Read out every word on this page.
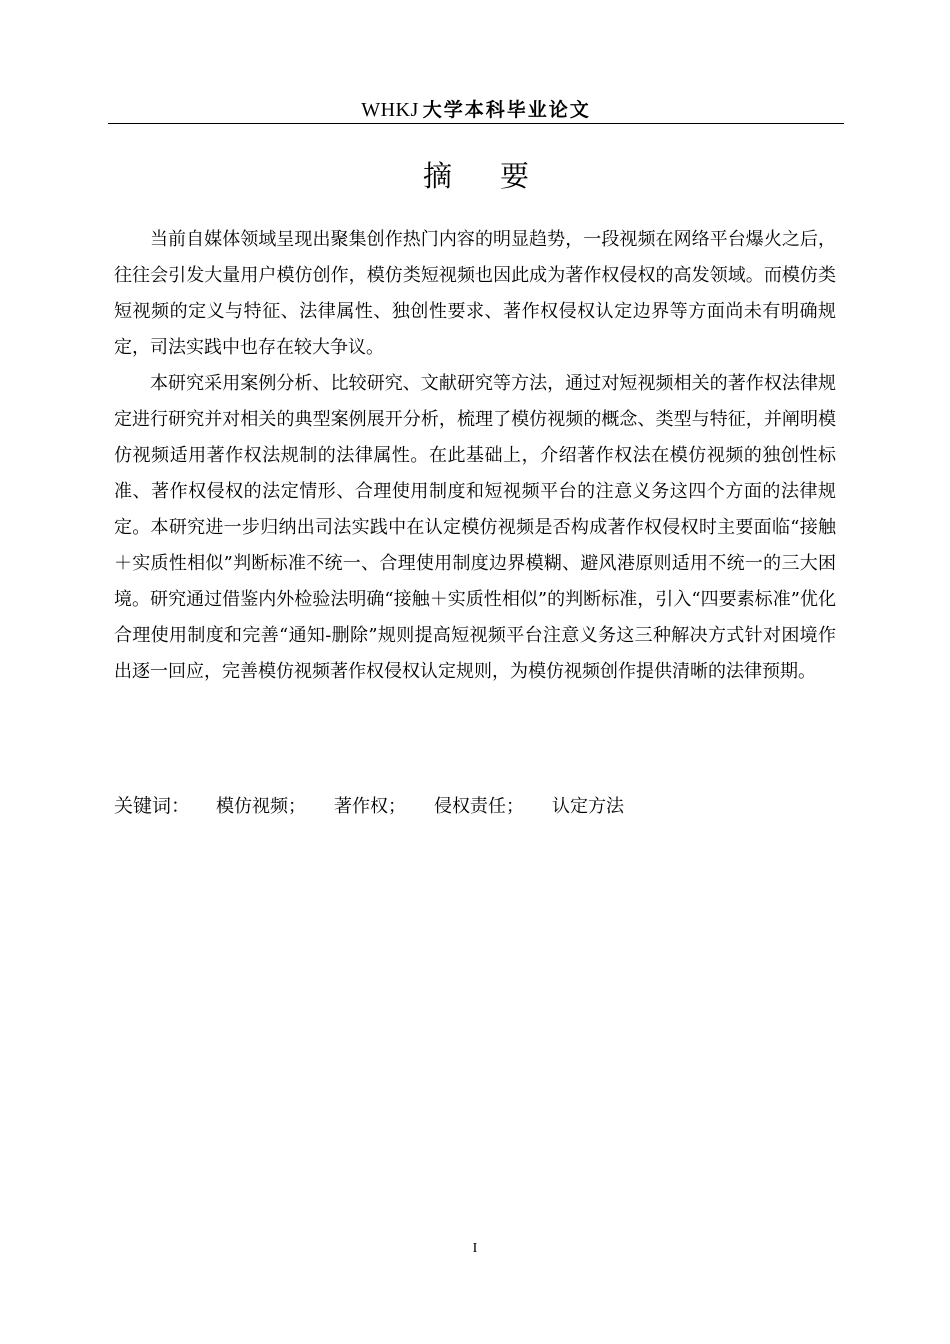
WHKJ 大学本科毕业论文
摘要

当前自媒体领域呈现出聚集创作热门内容的明显趋势，一段视频在网络平台爆火之后，往往会引发大量用户模仿创作，模仿类短视频也因此成为著作权侵权的高发领域。而模仿类短视频的定义与特征、法律属性、独创性要求、著作权侵权认定边界等方面尚未有明确规定，司法实践中也存在较大争议。

本研究采用案例分析、比较研究、文献研究等方法，通过对短视频相关的著作权法律规定进行研究并对相关的典型案例展开分析，梳理了模仿视频的概念、类型与特征，并阐明模仿视频适用著作权法规制的法律属性。在此基础上，介绍著作权法在模仿视频的独创性标准、著作权侵权的法定情形、合理使用制度和短视频平台的注意义务这四个方面的法律规定。本研究进一步归纳出司法实践中在认定模仿视频是否构成著作权侵权时主要面临“接触＋实质性相似”判断标准不统一、合理使用制度边界模糊、避风港原则适用不统一的三大困境。研究通过借鉴内外检验法明确“接触＋实质性相似”的判断标准，引入“四要素标准”优化合理使用制度和完善“通知-删除”规则提高短视频平台注意义务这三种解决方式针对困境作出逐一回应，完善模仿视频著作权侵权认定规则，为模仿视频创作提供清晰的法律预期。

关键词： 模仿视频； 著作权； 侵权责任； 认定方法
I
